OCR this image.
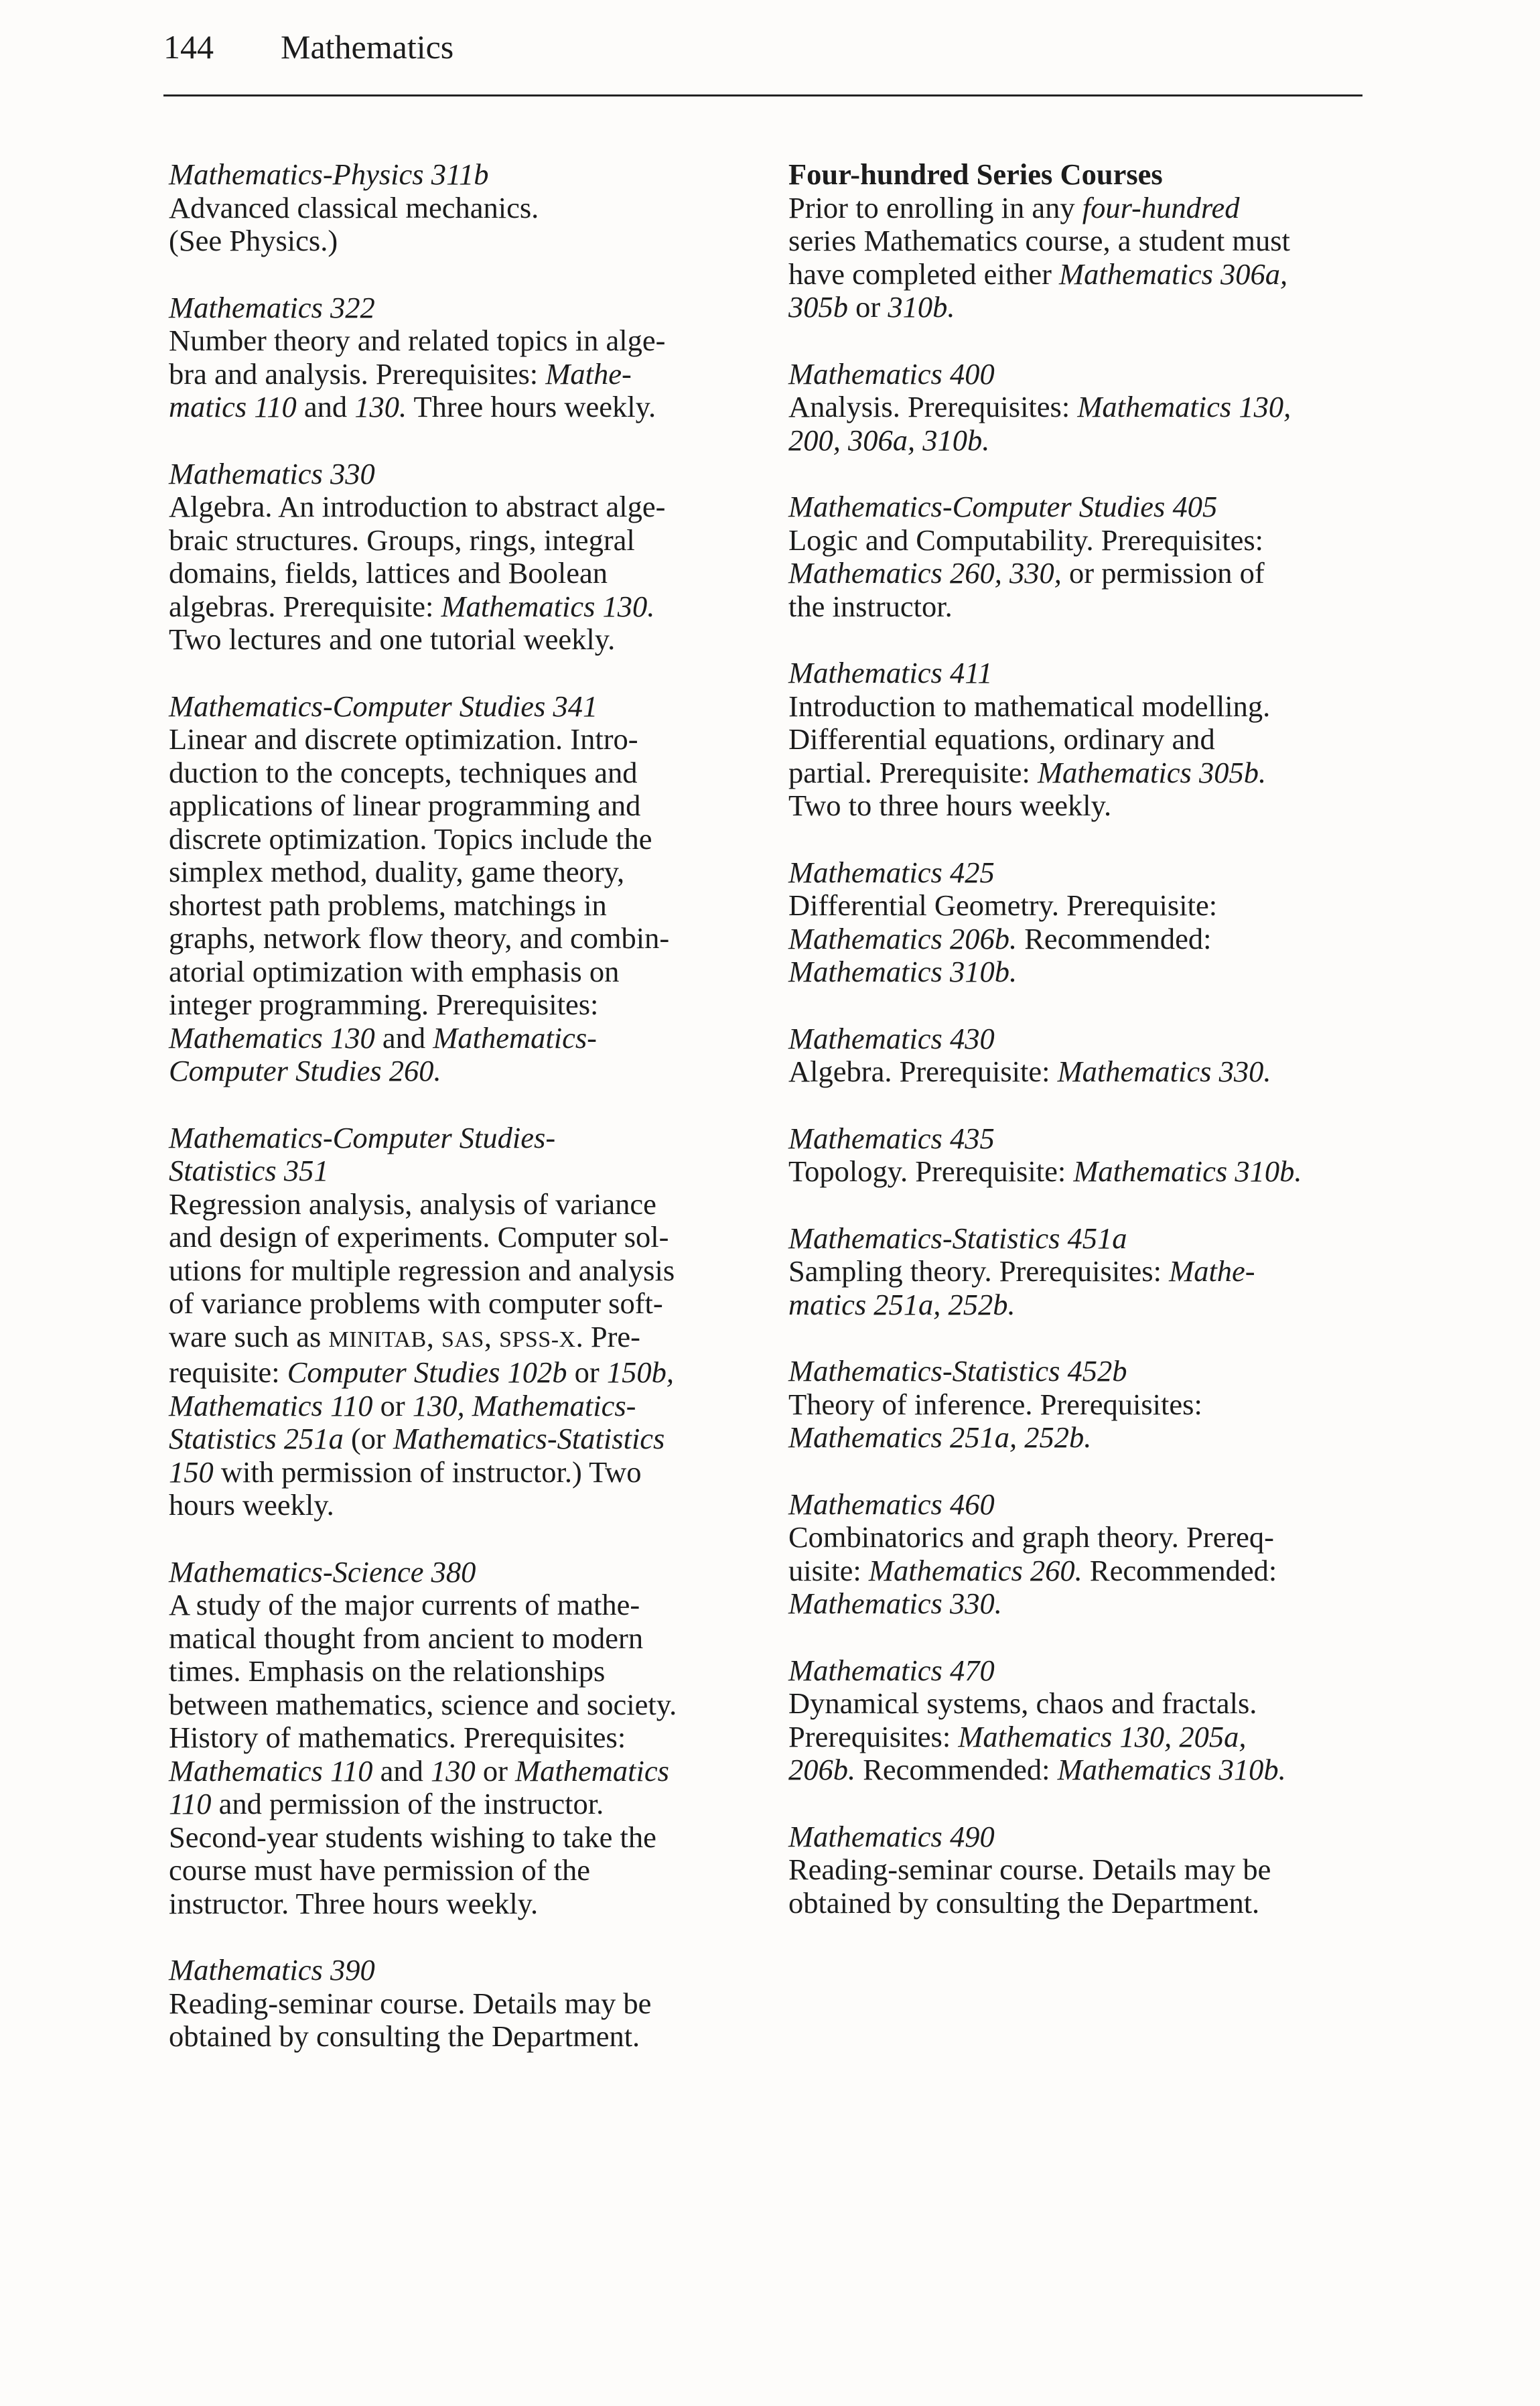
144 Mathematics

Mathematics-Physics 311b

Advanced classical mechanics.

(See Physics.)

Mathematics 322

Number theory and related topics in alge-

bra and analysis. Prerequisites: Mathe-

matics 110 and 130. Three hours weekly.

Mathematics 330

Algebra. An introduction to abstract alge-

braic structures. Groups, rings, integral

domains, fields, lattices and Boolean

algebras. Prerequisite: Mathematics 130.

Two lectures and one tutorial weekly.

Mathematics-Computer Studies 341

Linear and discrete optimization. Intro-

duction to the concepts, techniques and

applications of linear programming and

discrete optimization. Topics include the

simplex method, duality, game theory,

shortest path problems, matchings in

graphs, network flow theory, and combin-

atorial optimization with emphasis on

integer programming. Prerequisites:

Mathematics 130 and Mathematics-

Computer Studies 260.

Mathematics-Computer Studies-

Statistics 351

Regression analysis, analysis of variance

and design of experiments. Computer sol-

utions for multiple regression and analysis

of variance problems with computer soft-

ware such as MINITAB, SAS, SPSS-X. Pre-

requisite: Computer Studies 102b or 150b,

Mathematics 110 or 130, Mathematics-

Statistics 251a (or Mathematics-Statistics

150 with permission of instructor.) Two

hours weekly.

Mathematics-Science 380

A study of the major currents of mathe-

matical thought from ancient to modern

times. Emphasis on the relationships

between mathematics, science and society.

History of mathematics. Prerequisites:

Mathematics 110 and 130 or Mathematics

110 and permission of the instructor.

Second-year students wishing to take the

course must have permission of the

instructor. Three hours weekly.

Mathematics 390

Reading-seminar course. Details may be

obtained by consulting the Department.

Four-hundred Series Courses

Prior to enrolling in any four-hundred

series Mathematics course, a student must

have completed either Mathematics 306a,

305b or 310b.

Mathematics 400

Analysis. Prerequisites: Mathematics 130,

200, 306a, 310b.

Mathematics-Computer Studies 405

Logic and Computability. Prerequisites:

Mathematics 260, 330, or permission of

the instructor.

Mathematics 411

Introduction to mathematical modelling.

Differential equations, ordinary and

partial. Prerequisite: Mathematics 305b.

Two to three hours weekly.

Mathematics 425

Differential Geometry. Prerequisite:

Mathematics 206b. Recommended:

Mathematics 310b.

Mathematics 430

Algebra. Prerequisite: Mathematics 330.

Mathematics 435

Topology. Prerequisite: Mathematics 310b.

Mathematics-Statistics 451a

Sampling theory. Prerequisites: Mathe-

matics 251a, 252b.

Mathematics-Statistics 452b

Theory of inference. Prerequisites:

Mathematics 251a, 252b.

Mathematics 460

Combinatorics and graph theory. Prereq-

uisite: Mathematics 260. Recommended:

Mathematics 330.

Mathematics 470

Dynamical systems, chaos and fractals.

Prerequisites: Mathematics 130, 205a,

206b. Recommended: Mathematics 310b.

Mathematics 490

Reading-seminar course. Details may be

obtained by consulting the Department.
